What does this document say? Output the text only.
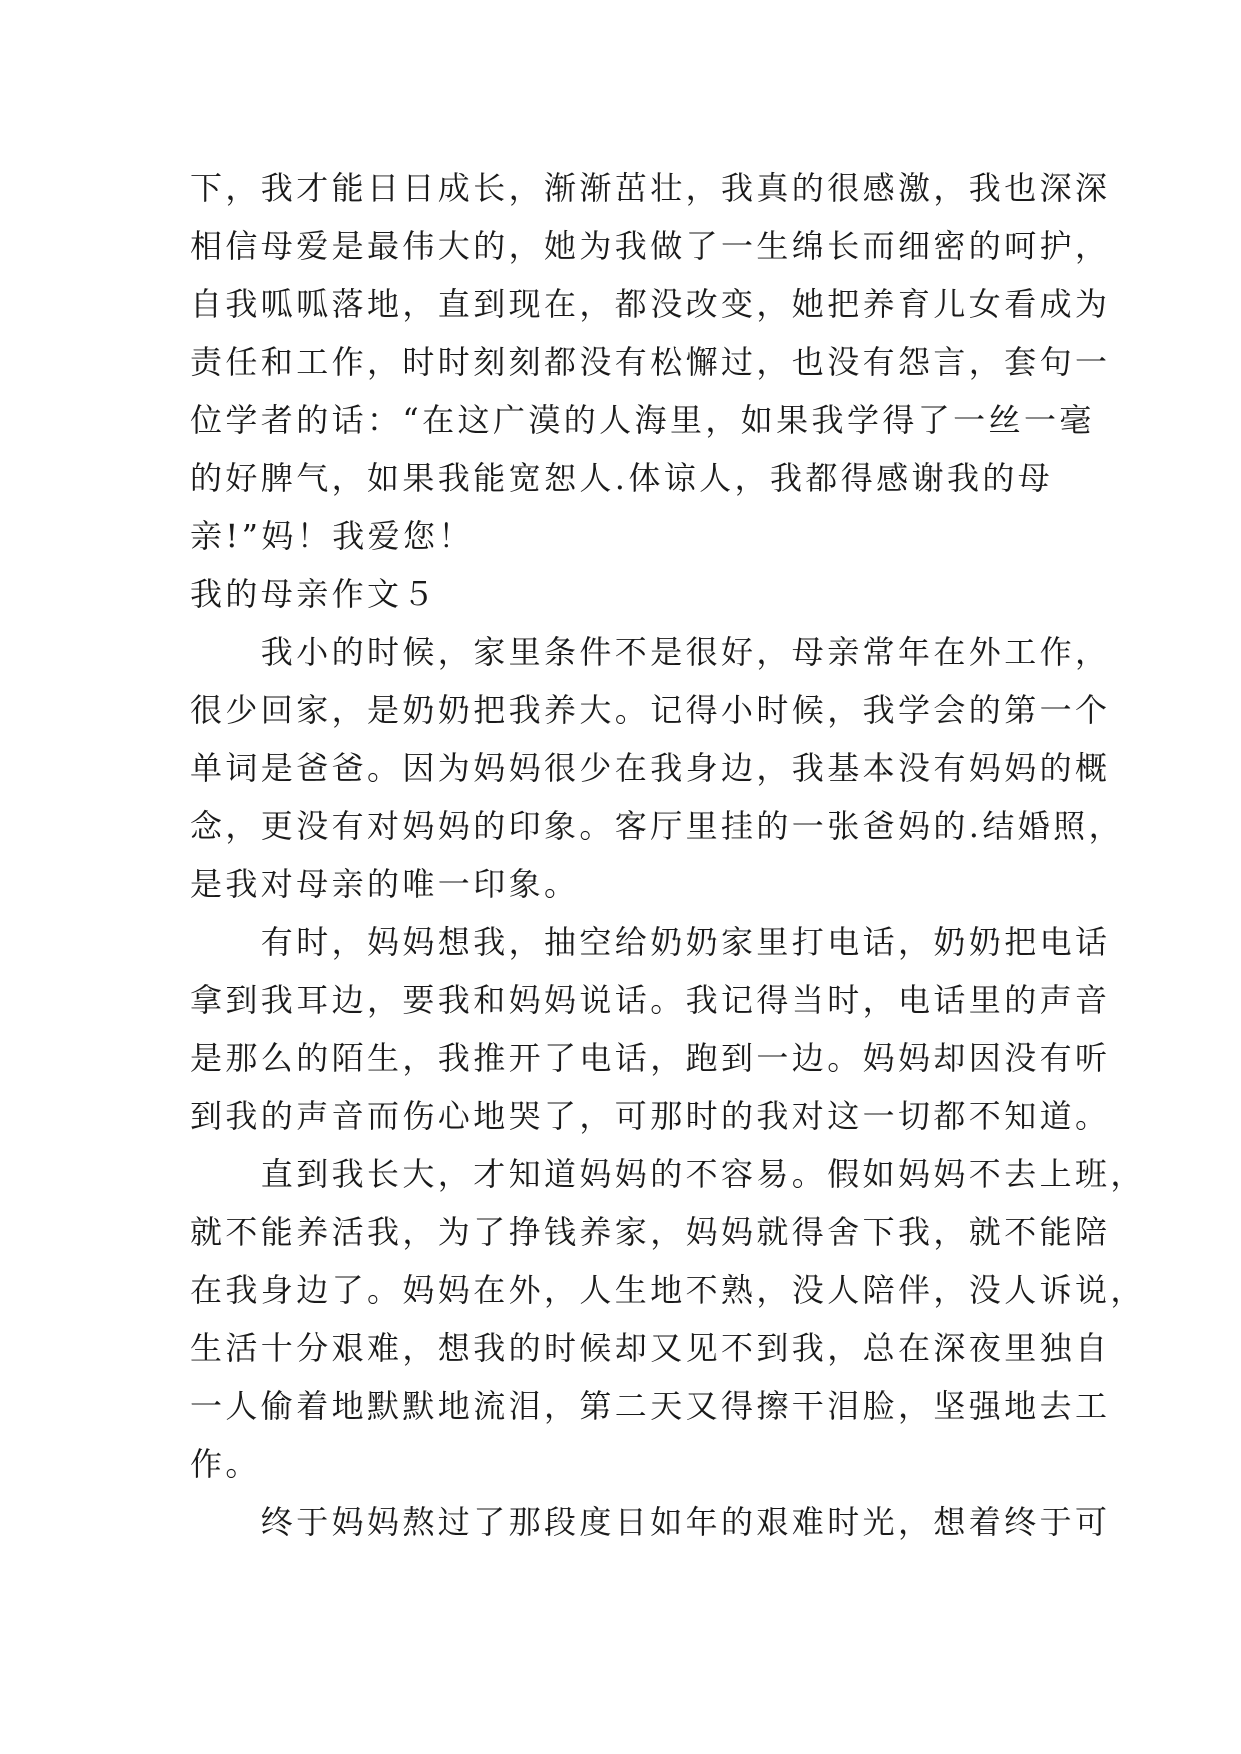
下，我才能日日成长，渐渐茁壮，我真的很感激，我也深深
相信母爱是最伟大的，她为我做了一生绵长而细密的呵护，
自我呱呱落地，直到现在，都没改变，她把养育儿女看成为
责任和工作，时时刻刻都没有松懈过，也没有怨言，套句一
位学者的话：“在这广漠的人海里，如果我学得了一丝一毫
的好脾气，如果我能宽恕人.体谅人，我都得感谢我的母
亲!”妈！我爱您！
我的母亲作文５
　　我小的时候，家里条件不是很好，母亲常年在外工作，
很少回家，是奶奶把我养大。记得小时候，我学会的第一个
单词是爸爸。因为妈妈很少在我身边，我基本没有妈妈的概
念，更没有对妈妈的印象。客厅里挂的一张爸妈的.结婚照，
是我对母亲的唯一印象。
　　有时，妈妈想我，抽空给奶奶家里打电话，奶奶把电话
拿到我耳边，要我和妈妈说话。我记得当时，电话里的声音
是那么的陌生，我推开了电话，跑到一边。妈妈却因没有听
到我的声音而伤心地哭了，可那时的我对这一切都不知道。
　　直到我长大，才知道妈妈的不容易。假如妈妈不去上班，
就不能养活我，为了挣钱养家，妈妈就得舍下我，就不能陪
在我身边了。妈妈在外，人生地不熟，没人陪伴，没人诉说，
生活十分艰难，想我的时候却又见不到我，总在深夜里独自
一人偷着地默默地流泪，第二天又得擦干泪脸，坚强地去工
作。
　　终于妈妈熬过了那段度日如年的艰难时光，想着终于可
